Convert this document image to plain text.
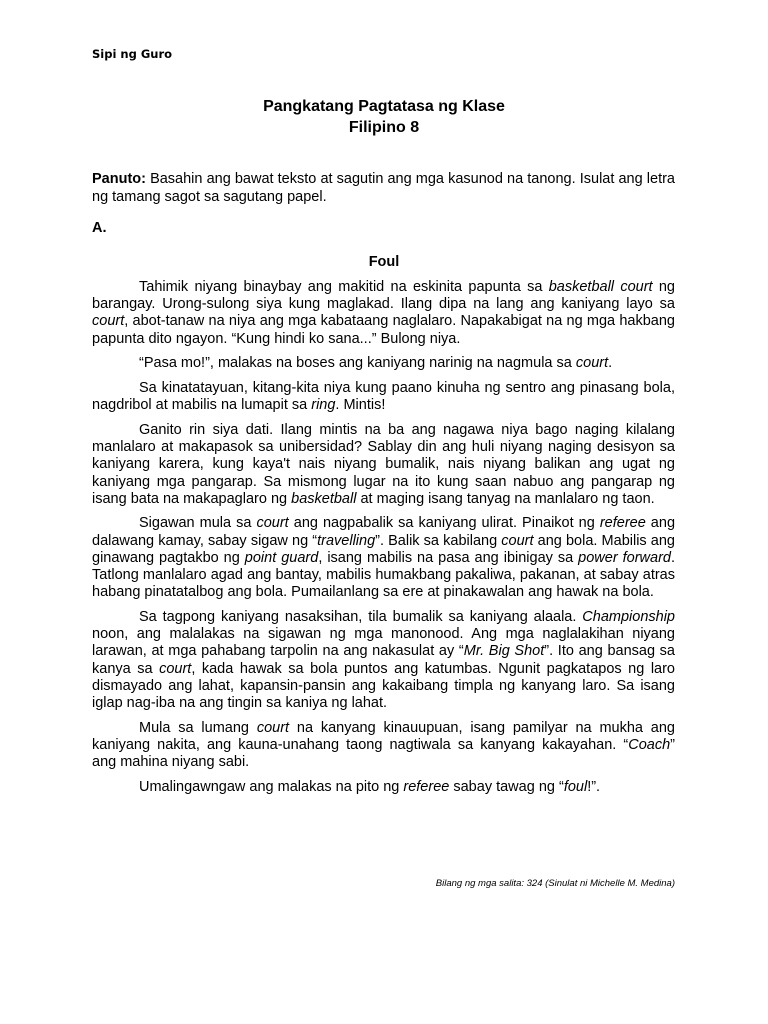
Sipi ng Guro
Pangkatang Pagtatasa ng Klase
Filipino 8
Panuto: Basahin ang bawat teksto at sagutin ang mga kasunod na tanong. Isulat ang letra ng tamang sagot sa sagutang papel.
A.
Foul

Tahimik niyang binaybay ang makitid na eskinita papunta sa basketball court ng barangay. Urong-sulong siya kung maglakad. Ilang dipa na lang ang kaniyang layo sa court, abot-tanaw na niya ang mga kabataang naglalaro. Napakabigat na ng mga hakbang papunta dito ngayon. “Kung hindi ko sana...” Bulong niya.

“Pasa mo!”, malakas na boses ang kaniyang narinig na nagmula sa court.

Sa kinatatayuan, kitang-kita niya kung paano kinuha ng sentro ang pinasang bola, nagdribol at mabilis na lumapit sa ring. Mintis!

Ganito rin siya dati. Ilang mintis na ba ang nagawa niya bago naging kilalang manlalaro at makapasok sa unibersidad? Sablay din ang huli niyang naging desisyon sa kaniyang karera, kung kaya't nais niyang bumalik, nais niyang balikan ang ugat ng kaniyang mga pangarap. Sa mismong lugar na ito kung saan nabuo ang pangarap ng isang bata na makapaglaro ng basketball at maging isang tanyag na manlalaro ng taon.

Sigawan mula sa court ang nagpabalik sa kaniyang ulirat. Pinaikot ng referee ang dalawang kamay, sabay sigaw ng “travelling”. Balik sa kabilang court ang bola. Mabilis ang ginawang pagtakbo ng point guard, isang mabilis na pasa ang ibinigay sa power forward. Tatlong manlalaro agad ang bantay, mabilis humakbang pakaliwa, pakanan, at sabay atras habang pinatatalbog ang bola. Pumailanlang sa ere at pinakawalan ang hawak na bola.

Sa tagpong kaniyang nasaksihan, tila bumalik sa kaniyang alaala. Championship noon, ang malalakas na sigawan ng mga manonood. Ang mga naglalakihan niyang larawan, at mga pahabang tarpolin na ang nakasulat ay “Mr. Big Shot”. Ito ang bansag sa kanya sa court, kada hawak sa bola puntos ang katumbas. Ngunit pagkatapos ng laro dismayado ang lahat, kapansin-pansin ang kakaibang timpla ng kanyang laro. Sa isang iglap nag-iba na ang tingin sa kaniya ng lahat.

Mula sa lumang court na kanyang kinauupuan, isang pamilyar na mukha ang kaniyang nakita, ang kauna-unahang taong nagtiwala sa kanyang kakayahan. “Coach” ang mahina niyang sabi.

Umalingawngaw ang malakas na pito ng referee sabay tawag ng “foul!”.

Bilang ng mga salita: 324 (Sinulat ni Michelle M. Medina)
